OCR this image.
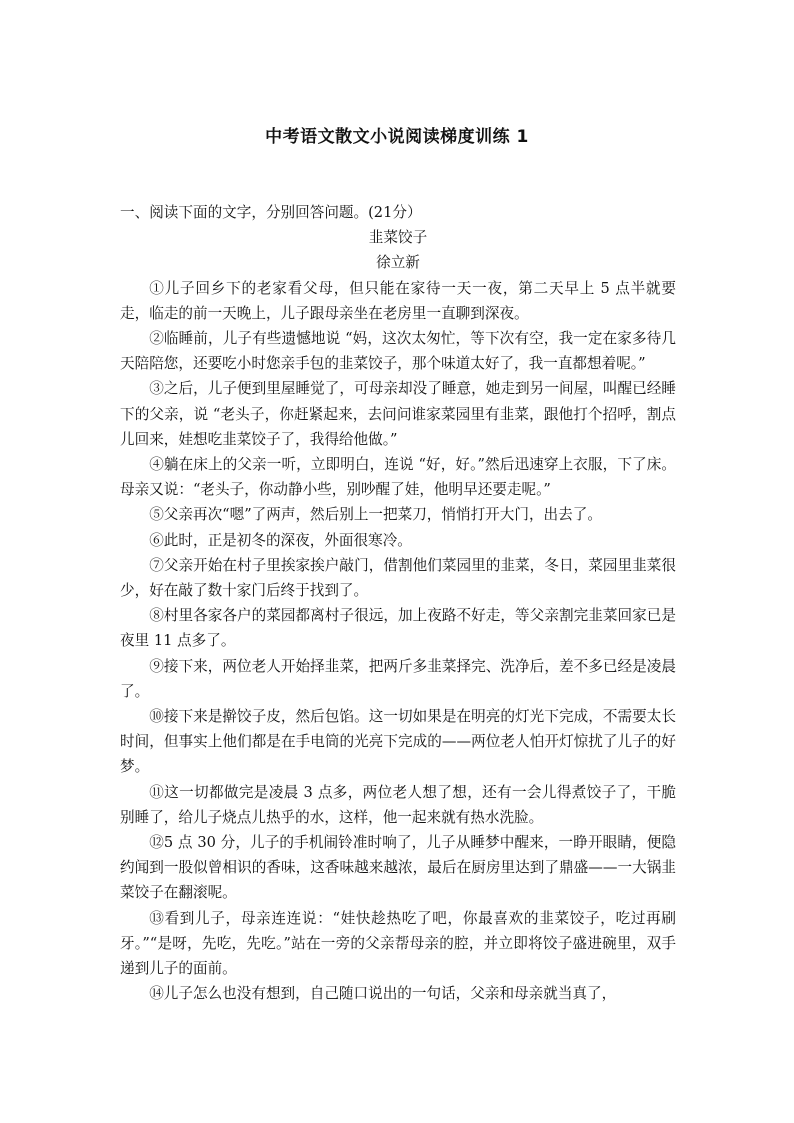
中考语文散文小说阅读梯度训练 1

一、阅读下面的文字，分别回答问题。(21分）

韭菜饺子

徐立新

①儿子回乡下的老家看父母，但只能在家待一天一夜，第二天早上 5 点半就要走，临走的前一天晚上，儿子跟母亲坐在老房里一直聊到深夜。

②临睡前，儿子有些遗憾地说 “妈，这次太匆忙，等下次有空，我一定在家多待几天陪陪您，还要吃小时您亲手包的韭菜饺子，那个味道太好了，我一直都想着呢。”

③之后，儿子便到里屋睡觉了，可母亲却没了睡意，她走到另一间屋，叫醒已经睡下的父亲，说 “老头子，你赶紧起来，去问问谁家菜园里有韭菜，跟他打个招呼，割点儿回来，娃想吃韭菜饺子了，我得给他做。”

④躺在床上的父亲一听，立即明白，连说 “好，好。”然后迅速穿上衣服，下了床。母亲又说：“老头子，你动静小些，别吵醒了娃，他明早还要走呢。”

⑤父亲再次“嗯”了两声，然后别上一把菜刀，悄悄打开大门，出去了。

⑥此时，正是初冬的深夜，外面很寒冷。

⑦父亲开始在村子里挨家挨户敲门，借割他们菜园里的韭菜，冬日，菜园里韭菜很少，好在敲了数十家门后终于找到了。

⑧村里各家各户的菜园都离村子很远，加上夜路不好走，等父亲割完韭菜回家已是夜里 11 点多了。

⑨接下来，两位老人开始择韭菜，把两斤多韭菜择完、洗净后，差不多已经是凌晨了。

⑩接下来是擀饺子皮，然后包馅。这一切如果是在明亮的灯光下完成，不需要太长时间，但事实上他们都是在手电筒的光亮下完成的——两位老人怕开灯惊扰了儿子的好梦。

⑪这一切都做完是凌晨 3 点多，两位老人想了想，还有一会儿得煮饺子了，干脆别睡了，给儿子烧点儿热乎的水，这样，他一起来就有热水洗脸。

⑫5 点 30 分，儿子的手机闹铃准时响了，儿子从睡梦中醒来，一睁开眼睛，便隐约闻到一股似曾相识的香味，这香味越来越浓，最后在厨房里达到了鼎盛——一大锅韭菜饺子在翻滚呢。

⑬看到儿子，母亲连连说：“娃快趁热吃了吧，你最喜欢的韭菜饺子，吃过再刷牙。”“是呀，先吃，先吃。”站在一旁的父亲帮母亲的腔，并立即将饺子盛进碗里，双手递到儿子的面前。

⑭儿子怎么也没有想到，自己随口说出的一句话，父亲和母亲就当真了，
